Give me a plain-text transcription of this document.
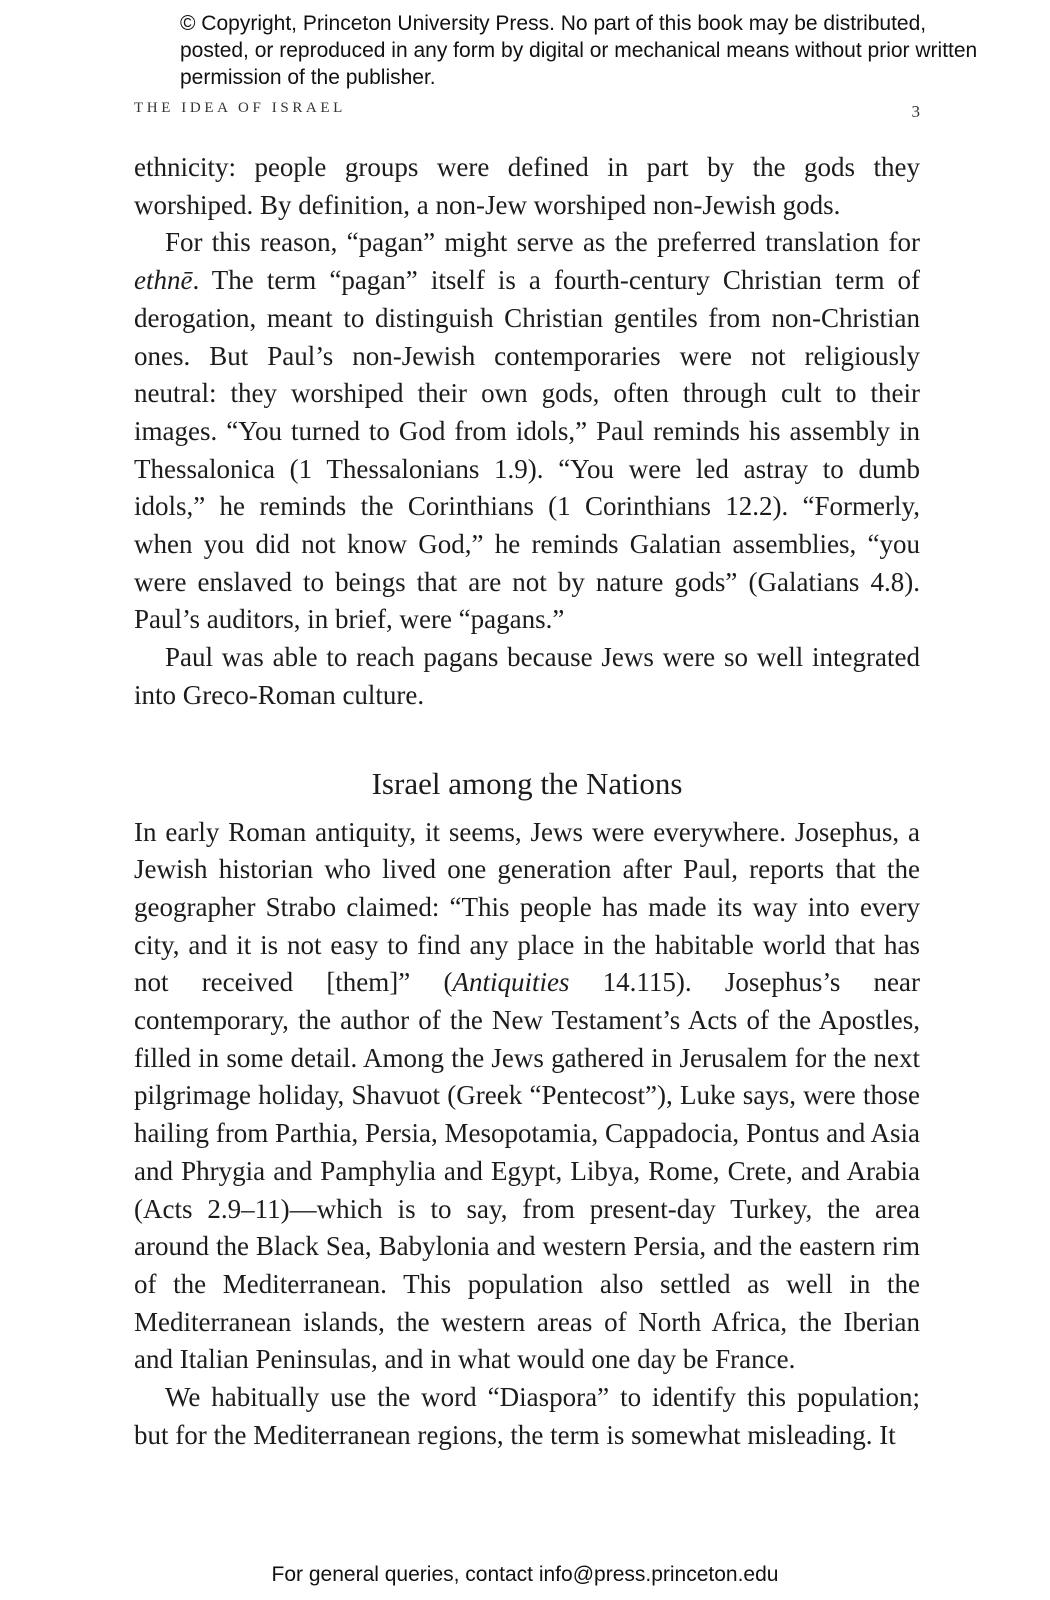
© Copyright, Princeton University Press. No part of this book may be distributed, posted, or reproduced in any form by digital or mechanical means without prior written permission of the publisher.
THE IDEA OF ISRAEL	3

ethnicity: people groups were defined in part by the gods they worshiped. By definition, a non-Jew worshiped non-Jewish gods.

For this reason, “pagan” might serve as the preferred translation for ethnē. The term “pagan” itself is a fourth-century Christian term of derogation, meant to distinguish Christian gentiles from non-Christian ones. But Paul’s non-Jewish contemporaries were not religiously neutral: they worshiped their own gods, often through cult to their images. “You turned to God from idols,” Paul reminds his assembly in Thessalonica (1 Thessalonians 1.9). “You were led astray to dumb idols,” he reminds the Corinthians (1 Corinthians 12.2). “Formerly, when you did not know God,” he reminds Galatian assemblies, “you were enslaved to beings that are not by nature gods” (Galatians 4.8). Paul’s auditors, in brief, were “pagans.”

Paul was able to reach pagans because Jews were so well integrated into Greco-Roman culture.

Israel among the Nations

In early Roman antiquity, it seems, Jews were everywhere. Josephus, a Jewish historian who lived one generation after Paul, reports that the geographer Strabo claimed: “This people has made its way into every city, and it is not easy to find any place in the habitable world that has not received [them]” (Antiquities 14.115). Josephus’s near contemporary, the author of the New Testament’s Acts of the Apostles, filled in some detail. Among the Jews gathered in Jerusalem for the next pilgrimage holiday, Shavuot (Greek “Pentecost”), Luke says, were those hailing from Parthia, Persia, Mesopotamia, Cappadocia, Pontus and Asia and Phrygia and Pamphylia and Egypt, Libya, Rome, Crete, and Arabia (Acts 2.9–11)—which is to say, from present-day Turkey, the area around the Black Sea, Babylonia and western Persia, and the eastern rim of the Mediterranean. This population also settled as well in the Mediterranean islands, the western areas of North Africa, the Iberian and Italian Peninsulas, and in what would one day be France.

We habitually use the word “Diaspora” to identify this population; but for the Mediterranean regions, the term is somewhat misleading. It

For general queries, contact info@press.princeton.edu
